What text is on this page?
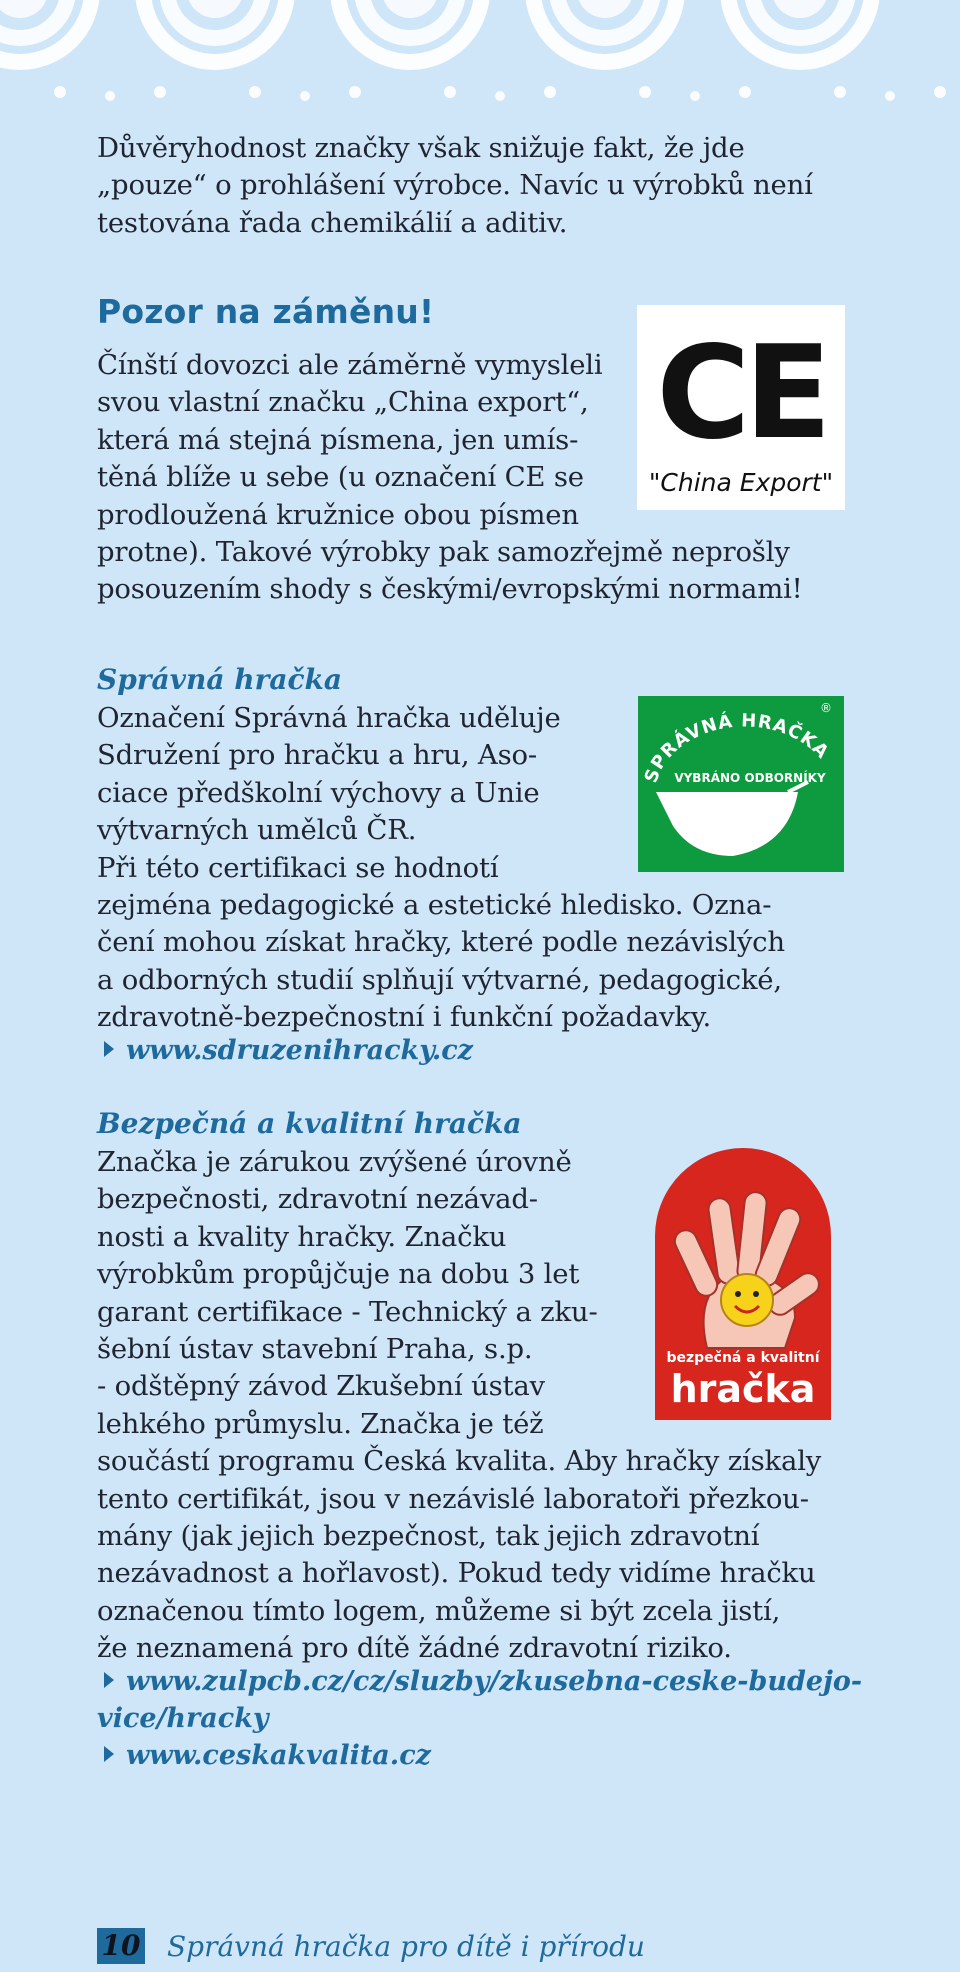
Důvěryhodnost značky však snižuje fakt, že jde
„pouze“ o prohlášení výrobce. Navíc u výrobků není
testována řada chemikálií a aditiv.

Pozor na záměnu!
CE
"China Export"

Čínští dovozci ale záměrně vymysleli
svou vlastní značku „China export“,
která má stejná písmena, jen umís-
těná blíže u sebe (u označení CE se
prodloužená kružnice obou písmen
protne). Takové výrobky pak samozřejmě neprošly
posouzením shody s českými/evropskými normami!

Správná hračka
SPRÁVNÁ HRAČKA
®
VYBRÁNO ODBORNÍKY

Označení Správná hračka uděluje
Sdružení pro hračku a hru, Aso-
ciace předškolní výchovy a Unie
výtvarných umělců ČR.
Při této certifikaci se hodnotí
zejména pedagogické a estetické hledisko. Ozna-
čení mohou získat hračky, které podle nezávislých
a odborných studií splňují výtvarné, pedagogické,
zdravotně-bezpečnostní i funkční požadavky.

www.sdruzenihracky.cz
Bezpečná a kvalitní hračka
bezpečná a kvalitní
hračka

Značka je zárukou zvýšené úrovně
bezpečnosti, zdravotní nezávad-
nosti a kvality hračky. Značku
výrobkům propůjčuje na dobu 3 let
garant certifikace - Technický a zku-
šební ústav stavební Praha, s.p.
- odštěpný závod Zkušební ústav
lehkého průmyslu. Značka je též
součástí programu Česká kvalita. Aby hračky získaly
tento certifikát, jsou v nezávislé laboratoři přezkou-
mány (jak jejich bezpečnost, tak jejich zdravotní
nezávadnost a hořlavost). Pokud tedy vidíme hračku
označenou tímto logem, můžeme si být zcela jistí,
že neznamená pro dítě žádné zdravotní riziko.

www.zulpcb.cz/cz/sluzby/zkusebna-ceske-budejo-
vice/hracky
www.ceskakvalita.cz
10 Správná hračka pro dítě i přírodu
